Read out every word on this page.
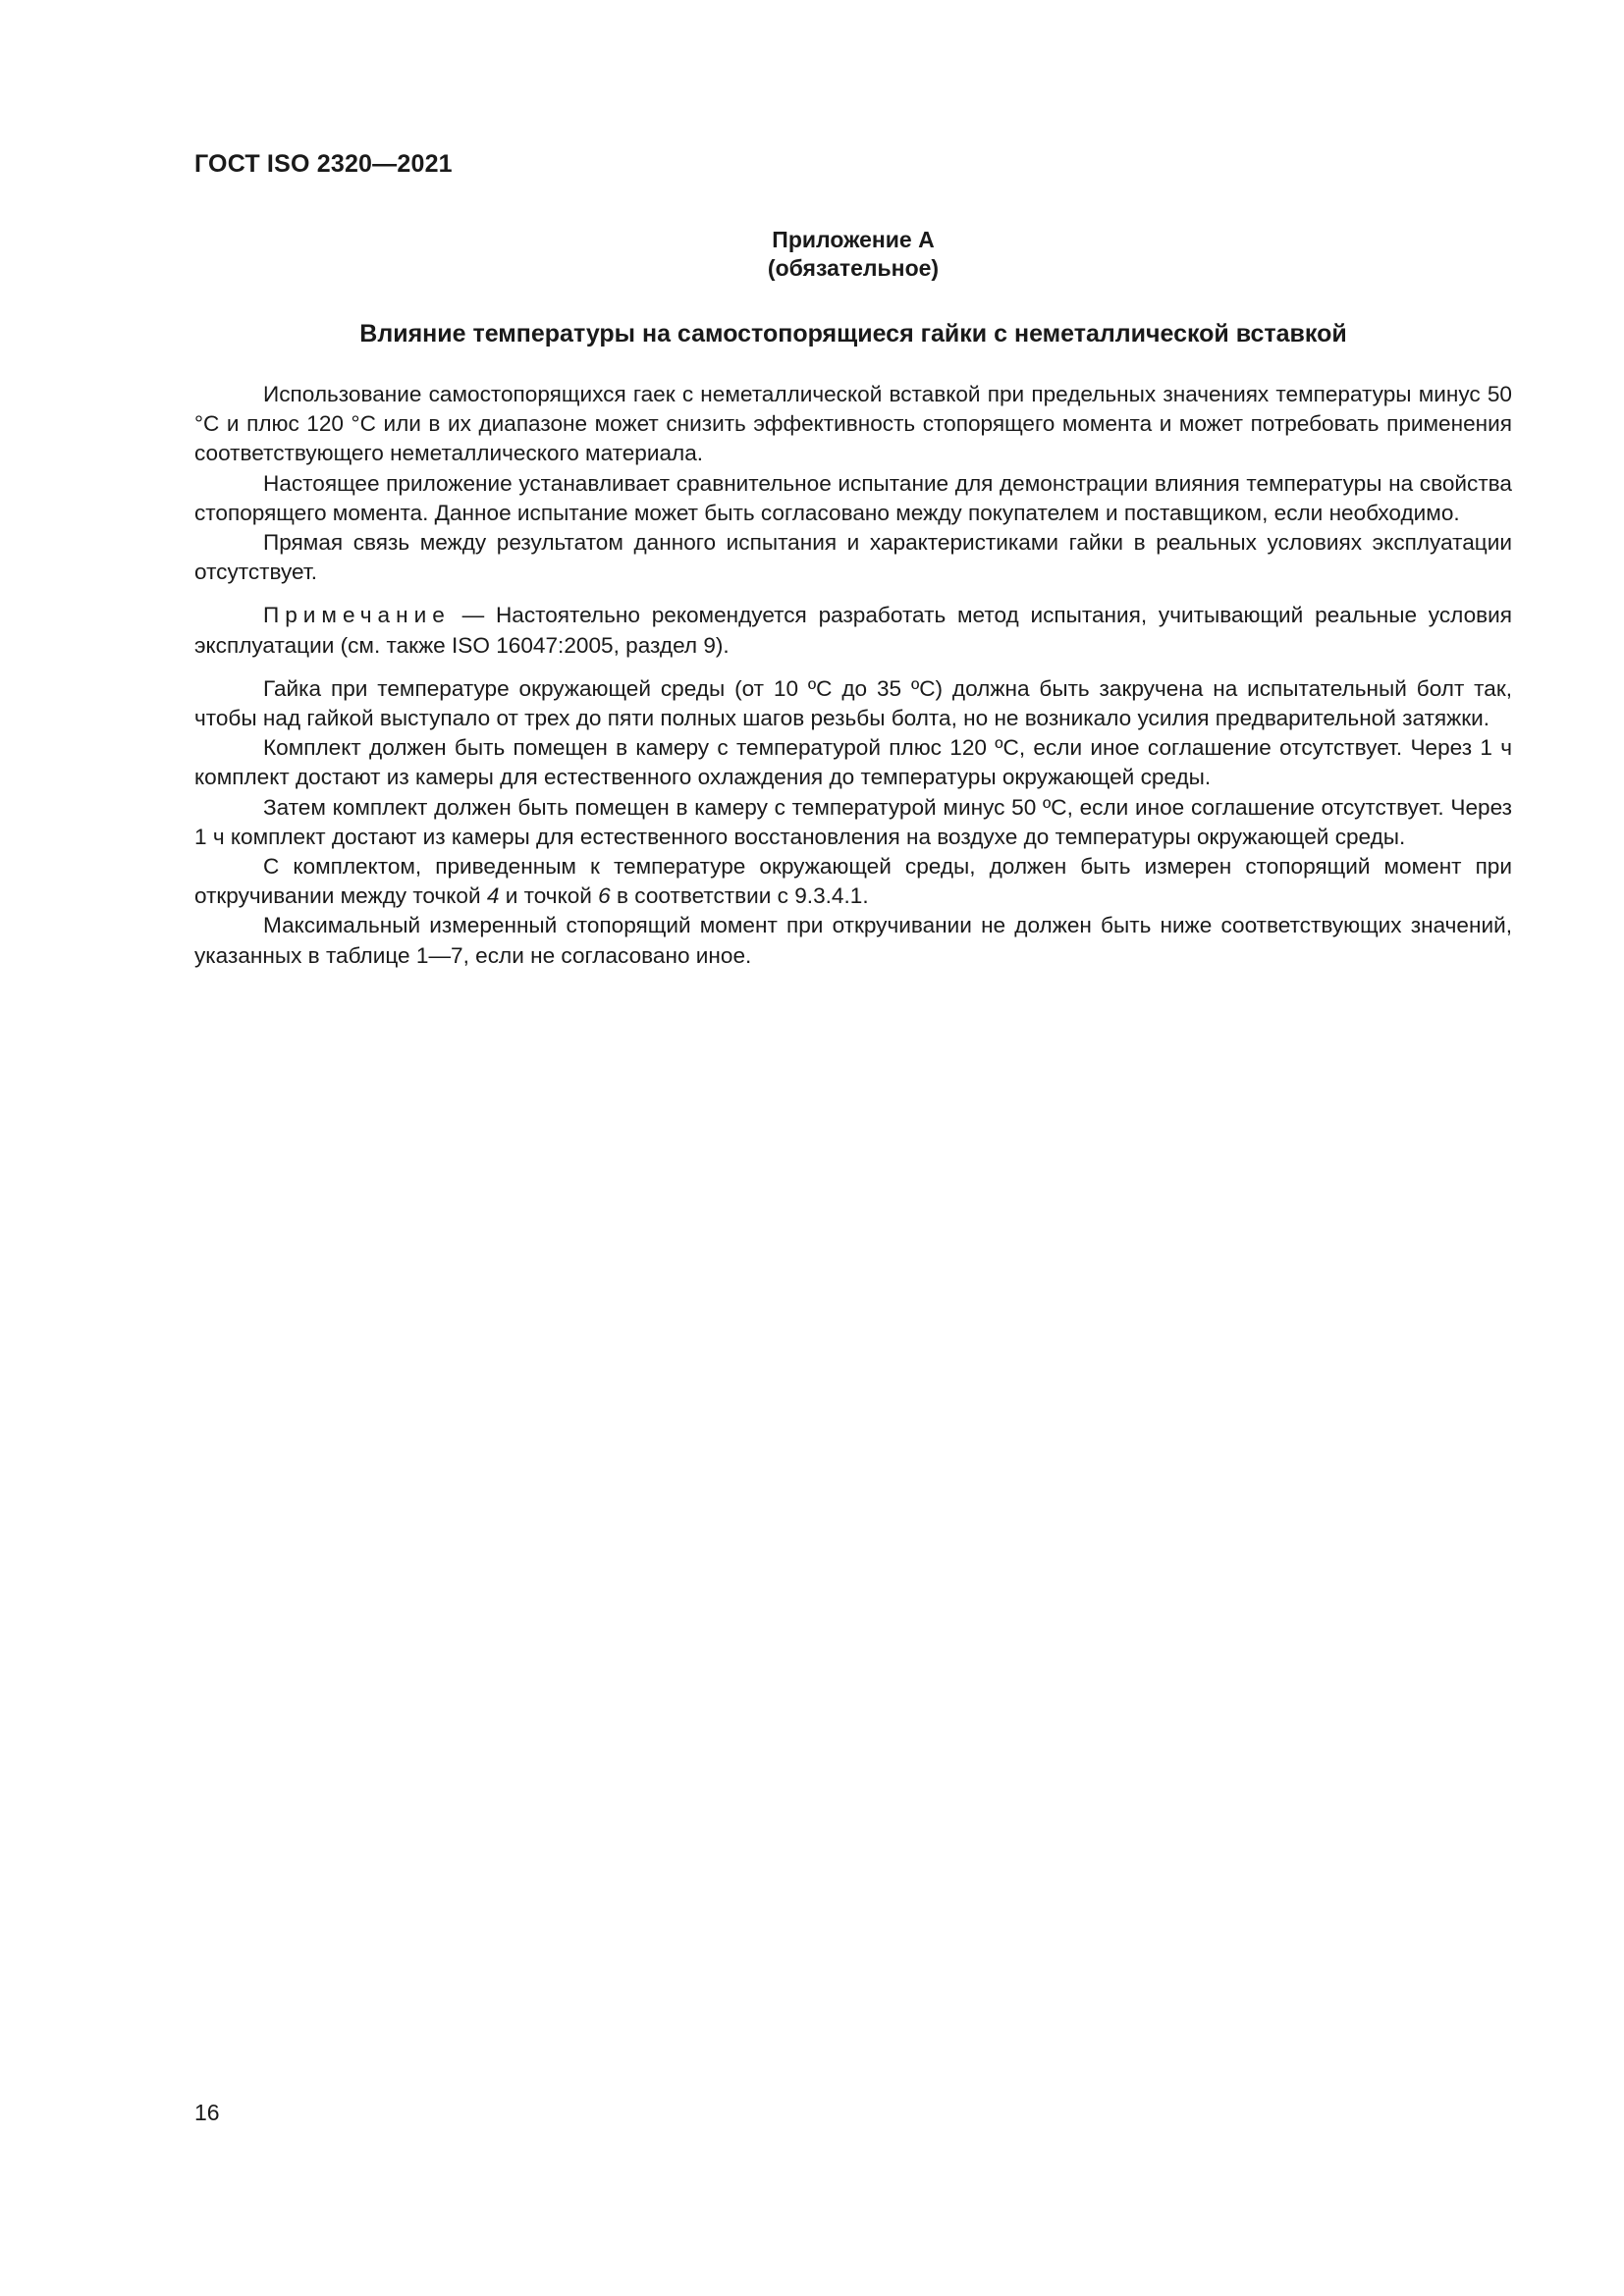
ГОСТ ISO 2320—2021
Приложение А
(обязательное)
Влияние температуры на самостопорящиеся гайки с неметаллической вставкой

Использование самостопорящихся гаек с неметаллической вставкой при предельных значениях температуры минус 50 °С и плюс 120 °С или в их диапазоне может снизить эффективность стопорящего момента и может потребовать применения соответствующего неметаллического материала.

Настоящее приложение устанавливает сравнительное испытание для демонстрации влияния температуры на свойства стопорящего момента. Данное испытание может быть согласовано между покупателем и поставщиком, если необходимо.

Прямая связь между результатом данного испытания и характеристиками гайки в реальных условиях эксплуатации отсутствует.

Примечание — Настоятельно рекомендуется разработать метод испытания, учитывающий реальные условия эксплуатации (см. также ISO 16047:2005, раздел 9).

Гайка при температуре окружающей среды (от 10 ºС до 35 ºС) должна быть закручена на испытательный болт так, чтобы над гайкой выступало от трех до пяти полных шагов резьбы болта, но не возникало усилия предварительной затяжки.

Комплект должен быть помещен в камеру с температурой плюс 120 ºС, если иное соглашение отсутствует. Через 1 ч комплект достают из камеры для естественного охлаждения до температуры окружающей среды.

Затем комплект должен быть помещен в камеру с температурой минус 50 ºС, если иное соглашение отсутствует. Через 1 ч комплект достают из камеры для естественного восстановления на воздухе до температуры окружающей среды.

С комплектом, приведенным к температуре окружающей среды, должен быть измерен стопорящий момент при откручивании между точкой 4 и точкой 6 в соответствии с 9.3.4.1.

Максимальный измеренный стопорящий момент при откручивании не должен быть ниже соответствующих значений, указанных в таблице 1—7, если не согласовано иное.

16
